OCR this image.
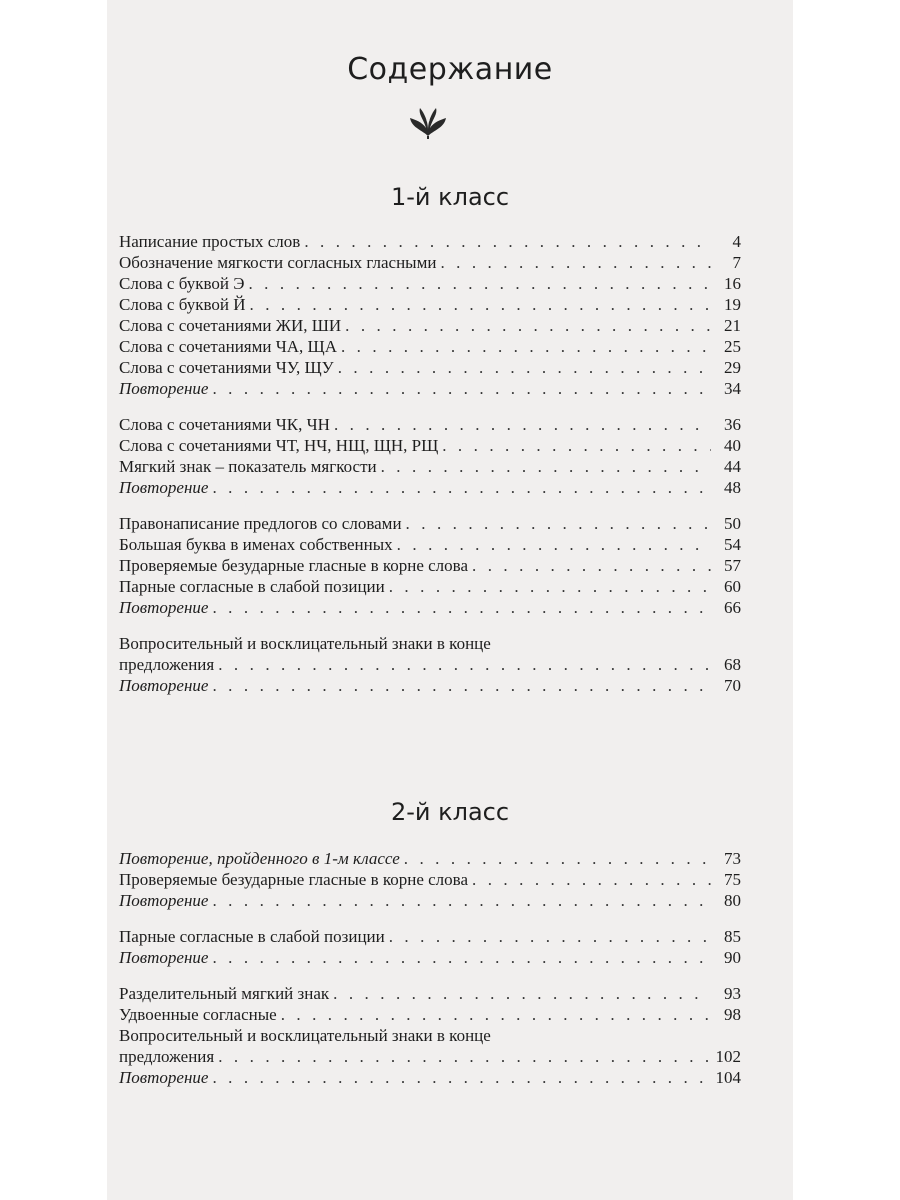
Содержание
1-й класс
Написание простых слов . . .	4
Обозначение мягкости согласных гласными . . .	7
Слова с буквой Э . . .	16
Слова с буквой Й . . .	19
Слова с сочетаниями ЖИ, ШИ . . .	21
Слова с сочетаниями ЧА, ЩА . . .	25
Слова с сочетаниями ЧУ, ЩУ . . .	29
Повторение . . .	34
Слова с сочетаниями ЧК, ЧН . . .	36
Слова с сочетаниями ЧТ, НЧ, НЩ, ЩН, РЩ . . .	40
Мягкий знак – показатель мягкости . . .	44
Повторение . . .	48
Правонаписание предлогов со словами . . .	50
Большая буква в именах собственных . . .	54
Проверяемые безударные гласные в корне слова . . .	57
Парные согласные в слабой позиции . . .	60
Повторение . . .	66
Вопросительный и восклицательный знаки в конце
предложения . . .	68
Повторение . . .	70
2-й класс
Повторение, пройденного в 1-м классе . . .	73
Проверяемые безударные гласные в корне слова . . .	75
Повторение . . .	80
Парные согласные в слабой позиции . . .	85
Повторение . . .	90
Разделительный мягкий знак . . .	93
Удвоенные согласные . . .	98
Вопросительный и восклицательный знаки в конце
предложения . . .	102
Повторение . . .	104
